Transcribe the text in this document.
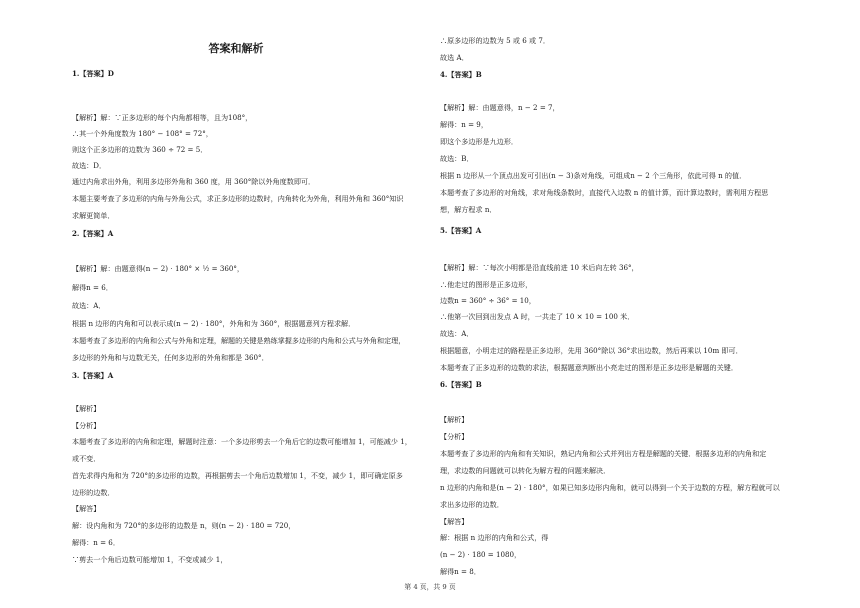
答案和解析
1.【答案】D
【解析】解：∵正多边形的每个内角都相等，且为108°，
∴其一个外角度数为 180° − 108° = 72°，
则这个正多边形的边数为 360 ÷ 72 = 5．
故选：D．
通过内角求出外角，利用多边形外角和 360 度，用 360°除以外角度数即可．
本题主要考查了多边形的内角与外角公式，求正多边形的边数时，内角转化为外角，利用外角和 360°知识
求解更简单．
2.【答案】A
【解析】解：由题意得(n − 2) ⋅ 180° × ½ = 360°，
解得n = 6．
故选：A．
根据 n 边形的内角和可以表示成(n − 2) ⋅ 180°，外角和为 360°，根据题意列方程求解．
本题考查了多边形的内角和公式与外角和定理，解题的关键是熟练掌握多边形的内角和公式与外角和定理，
多边形的外角和与边数无关，任何多边形的外角和都是 360°．
3.【答案】A
【解析】
【分析】
本题考查了多边形的内角和定理，解题时注意：一个多边形剪去一个角后它的边数可能增加 1，可能减少 1，
或不变．
首先求得内角和为 720°的多边形的边数，再根据剪去一个角后边数增加 1，不变，减少 1，即可确定原多
边形的边数．
【解答】
解：设内角和为 720°的多边形的边数是 n，则(n − 2) ⋅ 180 = 720，
解得：n = 6．
∵剪去一个角后边数可能增加 1，不变或减少 1，
∴原多边形的边数为 5 或 6 或 7．
故选 A．
4.【答案】B
【解析】解：由题意得，n − 2 = 7，
解得：n = 9，
即这个多边形是九边形．
故选：B．
根据 n 边形从一个顶点出发可引出(n − 3)条对角线，可组成n − 2 个三角形，依此可得 n 的值．
本题考查了多边形的对角线，求对角线条数时，直接代入边数 n 的值计算，而计算边数时，需利用方程思
想，解方程求 n．
5.【答案】A
【解析】解：∵每次小明都是沿直线前进 10 米后向左转 36°，
∴他走过的图形是正多边形，
边数n = 360° ÷ 36° = 10，
∴他第一次回到出发点 A 时，一共走了 10 × 10 = 100 米．
故选：A．
根据题意，小明走过的路程是正多边形，先用 360°除以 36°求出边数，然后再乘以 10m 即可．
本题考查了正多边形的边数的求法，根据题意判断出小亮走过的图形是正多边形是解题的关键．
6.【答案】B
【解析】
【分析】
本题考查了多边形的内角和有关知识，熟记内角和公式并列出方程是解题的关键．根据多边形的内角和定
理，求边数的问题就可以转化为解方程的问题来解决．
n 边形的内角和是(n − 2) ⋅ 180°，如果已知多边形内角和，就可以得到一个关于边数的方程，解方程就可以
求出多边形的边数．
【解答】
解：根据 n 边形的内角和公式，得
(n − 2) ⋅ 180 = 1080，
解得n = 8．
第 4 页，共 9 页
